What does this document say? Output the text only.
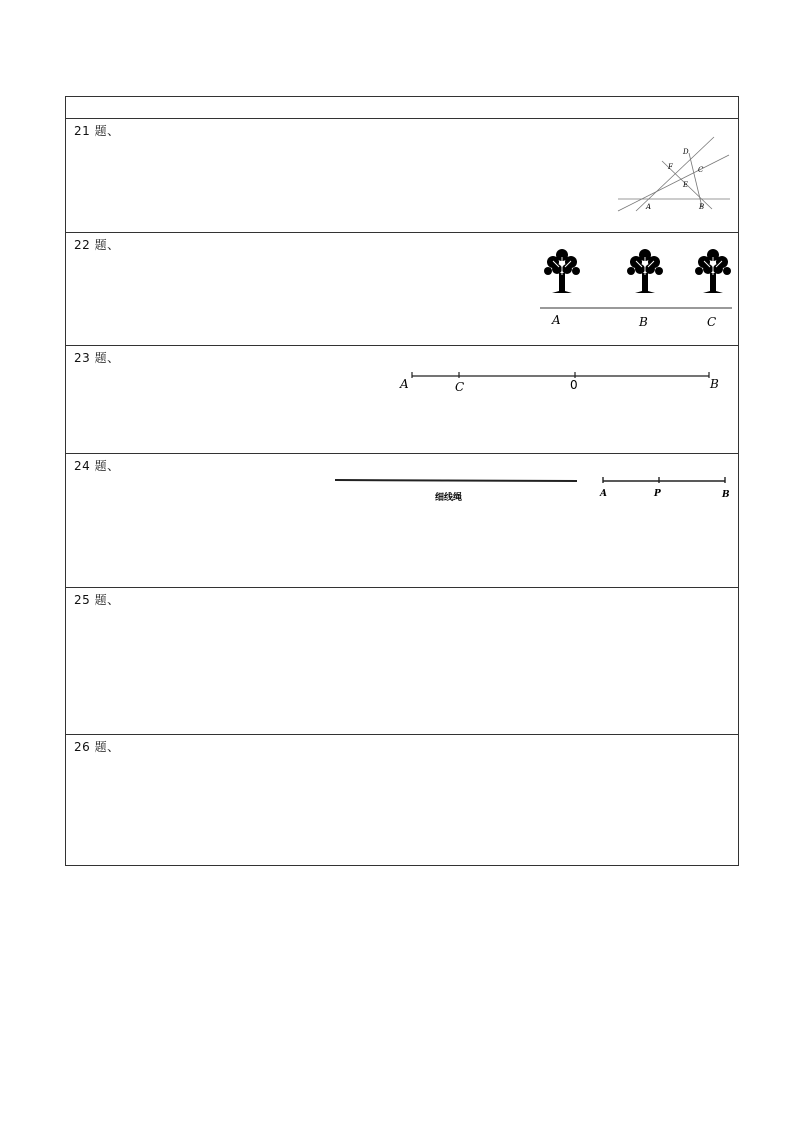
21 题、
D
F	C
E
A	B
22 题、
A	B	C
23 题、
A	C	0	B
24 题、
细线绳	A	P	B
25 题、
26 题、
